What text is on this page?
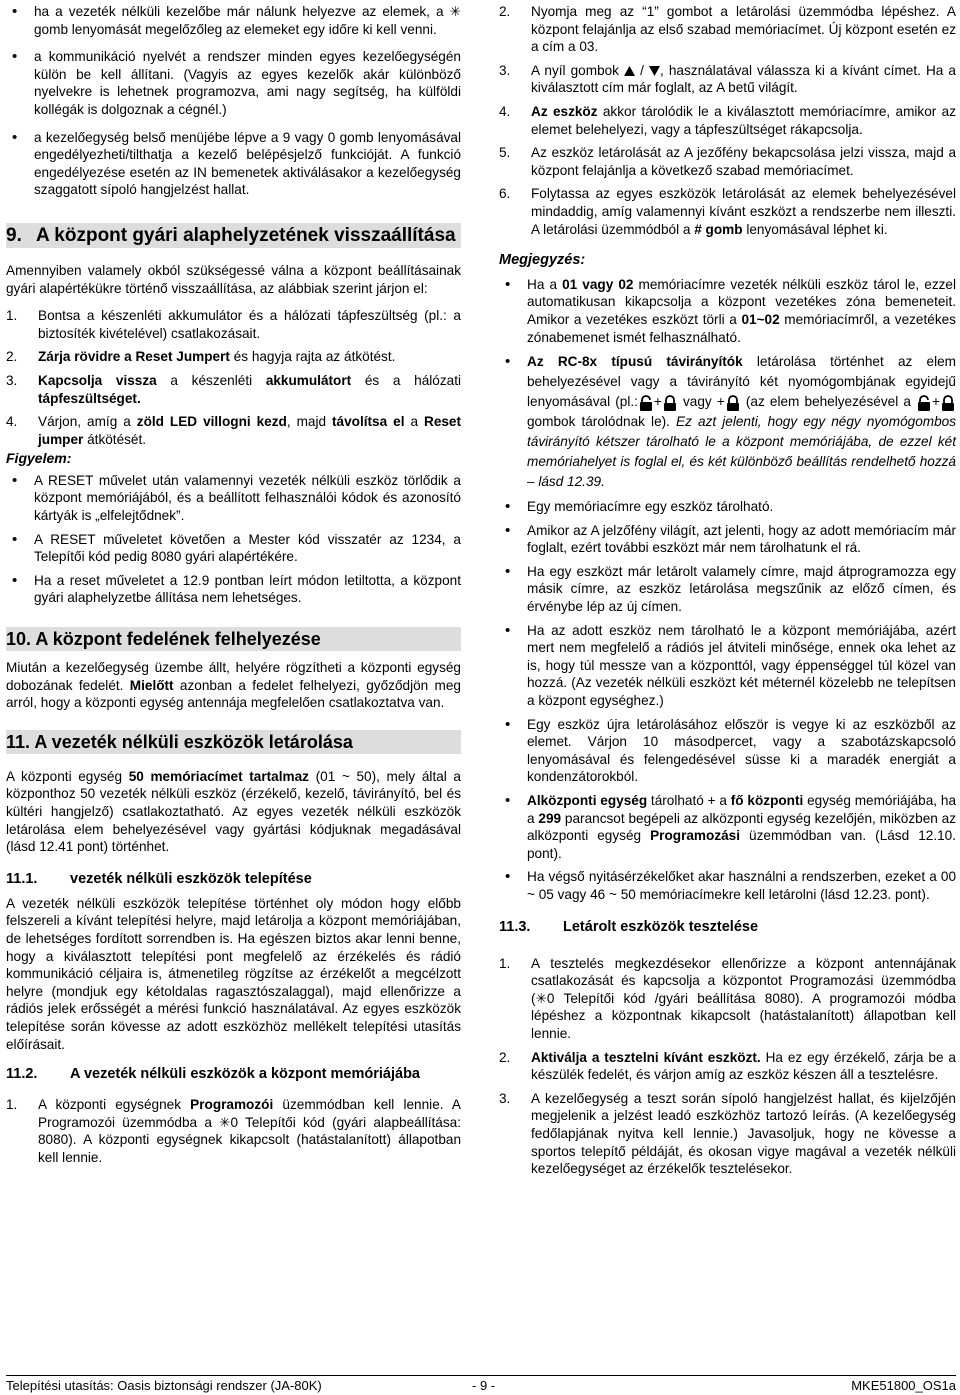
• ha a vezeték nélküli kezelőbe már nálunk helyezve az elemek, a ✳ gomb lenyomását megelőzőleg az elemeket egy időre ki kell venni.

• a kommunikáció nyelvét a rendszer minden egyes kezelőegységén külön be kell állítani. (Vagyis az egyes kezelők akár különböző nyelvekre is lehetnek programozva, ami nagy segítség, ha külföldi kollégák is dolgoznak a cégnél.)

• a kezelőegység belső menüjébe lépve a 9 vagy 0 gomb lenyomásával engedélyezheti/tilthatja a kezelő belépésjelző funkcióját. A funkció engedélyezése esetén az IN bemenetek aktiválásakor a kezelőegység szaggatott sípoló hangjelzést hallat.

9. A központ gyári alaphelyzetének visszaállítása

Amennyiben valamely okból szükségessé válna a központ beállításainak gyári alapértékükre történő visszaállítása, az alábbiak szerint járjon el:

1. Bontsa a készenléti akkumulátor és a hálózati tápfeszültség (pl.: a biztosíték kivételével) csatlakozásait.
2. Zárja rövidre a Reset Jumpert és hagyja rajta az átkötést.
3. Kapcsolja vissza a készenléti akkumulátort és a hálózati tápfeszültséget.
4. Várjon, amíg a zöld LED villogni kezd, majd távolítsa el a Reset jumper átkötését.

Figyelem:

• A RESET művelet után valamennyi vezeték nélküli eszköz törlődik a központ memóriájából, és a beállított felhasználói kódok és azonosító kártyák is „elfelejtődnek”.

• A RESET műveletet követően a Mester kód visszatér az 1234, a Telepítői kód pedig 8080 gyári alapértékére.

• Ha a reset műveletet a 12.9 pontban leírt módon letiltotta, a központ gyári alaphelyzetbe állítása nem lehetséges.

10. A központ fedelének felhelyezése

Miután a kezelőegység üzembe állt, helyére rögzítheti a központi egység dobozának fedelét. Mielőtt azonban a fedelet felhelyezi, győződjön meg arról, hogy a központi egység antennája megfelelően csatlakoztatva van.

11. A vezeték nélküli eszközök letárolása

A központi egység 50 memóriacímet tartalmaz (01 ~ 50), mely által a központhoz 50 vezeték nélküli eszköz (érzékelő, kezelő, távirányító, bel és kültéri hangjelző) csatlakoztatható. Az egyes vezeték nélküli eszközök letárolása elem behelyezésével vagy gyártási kódjuknak megadásával (lásd 12.41 pont) történhet.

11.1. vezeték nélküli eszközök telepítése

A vezeték nélküli eszközök telepítése történhet oly módon hogy előbb felszereli a kívánt telepítési helyre, majd letárolja a központ memóriájában, de lehetséges fordított sorrendben is. Ha egészen biztos akar lenni benne, hogy a kiválasztott telepítési pont megfelelő az érzékelés és rádió kommunikáció céljaira is, átmenetileg rögzítse az érzékelőt a megcélzott helyre (mondjuk egy kétoldalas ragasztószalaggal), majd ellenőrizze a rádiós jelek erősségét a mérési funkció használatával. Az egyes eszközök telepítése során kövesse az adott eszközhöz mellékelt telepítési utasítás előírásait.

11.2. A vezeték nélküli eszközök a központ memóriájába
1. A központi egységnek Programozói üzemmódban kell lennie. A Programozói üzemmódba a ✳0 Telepítői kód (gyári alapbeállítása: 8080). A központi egységnek kikapcsolt (hatástalanított) állapotban kell lennie.
2. Nyomja meg az “1” gombot a letárolási üzemmódba lépéshez. A központ felajánlja az első szabad memóriacímet. Új központ esetén ez a cím a 03.
3. A nyíl gombok  / , használatával válassza ki a kívánt címet. Ha a kiválasztott cím már foglalt, az A betű világít.
4. Az eszköz akkor tárolódik le a kiválasztott memóriacímre, amikor az elemet belehelyezi, vagy a tápfeszültséget rákapcsolja.
5. Az eszköz letárolását az A jezőfény bekapcsolása jelzi vissza, majd a központ felajánlja a következő szabad memóriacímet.
6. Folytassa az egyes eszközök letárolását az elemek behelyezésével mindaddig, amíg valamennyi kívánt eszközt a rendszerbe nem illeszti. A letárolási üzemmódból a # gomb lenyomásával léphet ki.

Megjegyzés:

• Ha a 01 vagy 02 memóriacímre vezeték nélküli eszköz tárol le, ezzel automatikusan kikapcsolja a központ vezetékes zóna bemeneteit. Amikor a vezetékes eszközt törli a 01~02 memóriacímről, a vezetékes zónabemenet ismét felhasználható.

• Az RC-8x típusú távirányítók letárolása történhet az elem behelyezésével vagy a távirányító két nyomógombjának egyidejű lenyomásával (pl.: + vagy + (az elem behelyezésével a + gombok tárolódnak le). Ez azt jelenti, hogy egy négy nyomógombos távirányító kétszer tárolható le a központ memóriájába, de ezzel két memóriahelyet is foglal el, és két különböző beállítás rendelhető hozzá – lásd 12.39.

• Egy memóriacímre egy eszköz tárolható.

• Amikor az A jelzőfény világít, azt jelenti, hogy az adott memóriacím már foglalt, ezért további eszközt már nem tárolhatunk el rá.

• Ha egy eszközt már letárolt valamely címre, majd átprogramozza egy másik címre, az eszköz letárolása megszűnik az előző címen, és érvénybe lép az új címen.

• Ha az adott eszköz nem tárolható le a központ memóriájába, azért mert nem megfelelő a rádiós jel átviteli minősége, ennek oka lehet az is, hogy túl messze van a központtól, vagy éppenséggel túl közel van hozzá. (Az vezeték nélküli eszközt két méternél közelebb ne telepítsen a központ egységhez.)

• Egy eszköz újra letárolásához először is vegye ki az eszközből az elemet. Várjon 10 másodpercet, vagy a szabotázskapcsoló lenyomásával és felengedésével süsse ki a maradék energiát a kondenzátorokból.

• Alközponti egység tárolható + a fő központi egység memóriájába, ha a 299 parancsot begépeli az alközponti egység kezelőjén, miközben az alközponti egység Programozási üzemmódban van. (Lásd 12.10. pont).

• Ha végső nyitásérzékelőket akar használni a rendszerben, ezeket a 00 ~ 05 vagy 46 ~ 50 memóriacímekre kell letárolni (lásd 12.23. pont).

11.3. Letárolt eszközök tesztelése
1. A tesztelés megkezdésekor ellenőrizze a központ antennájának csatlakozását és kapcsolja a központot Programozási üzemmódba (✳0 Telepítői kód /gyári beállítása 8080). A programozói módba lépéshez a központnak kikapcsolt (hatástalanított) állapotban kell lennie.
2. Aktiválja a tesztelni kívánt eszközt. Ha ez egy érzékelő, zárja be a készülék fedelét, és várjon amíg az eszköz készen áll a tesztelésre.
3. A kezelőegység a teszt során sípoló hangjelzést hallat, és kijelzőjén megjelenik a jelzést leadó eszközhöz tartozó leírás. (A kezelőegység fedőlapjának nyitva kell lennie.) Javasoljuk, hogy ne kövesse a sportos telepítő példáját, és okosan vigye magával a vezeték nélküli kezelőegységet az érzékelők tesztelésekor.
Telepítési utasítás: Oasis biztonsági rendszer (JA-80K)	- 9 -	MKE51800_OS1a
